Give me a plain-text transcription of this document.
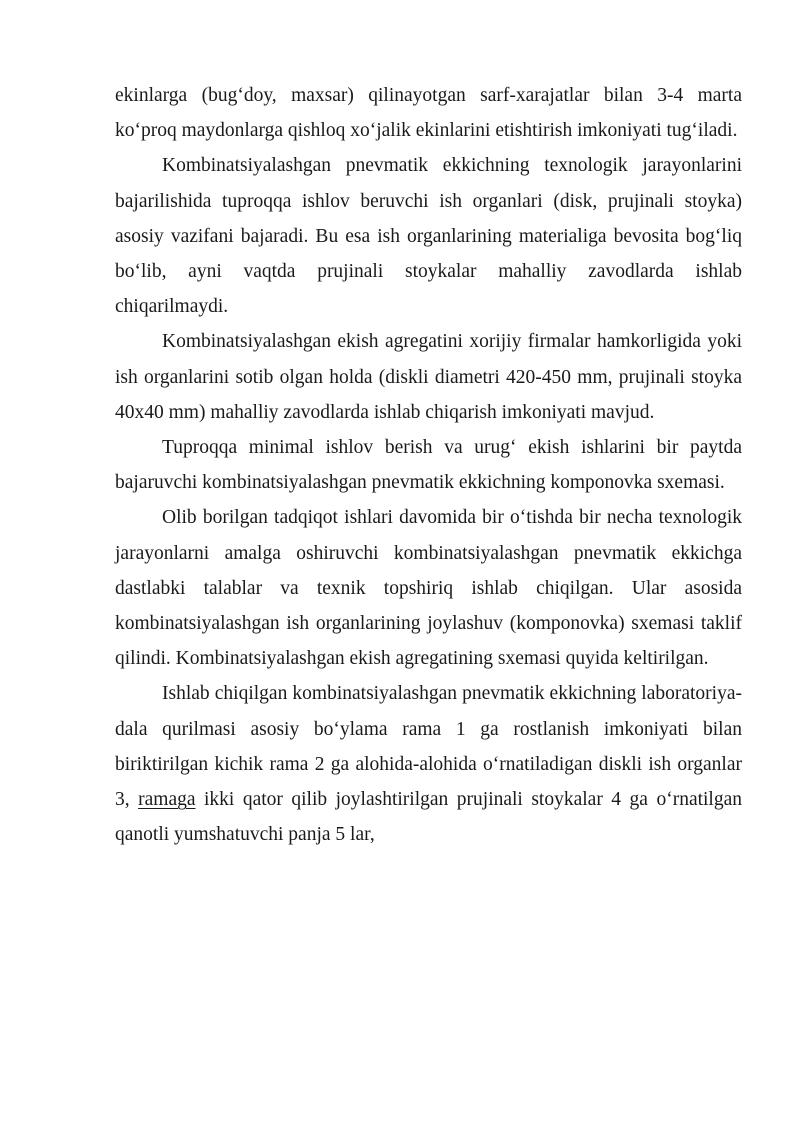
ekinlarga (bug‘doy, maxsar) qilinayotgan sarf-xarajatlar bilan 3-4 marta ko‘proq maydonlarga qishloq xo‘jalik ekinlarini etishtirish imkoniyati tug‘iladi.

Kombinatsiyalashgan pnevmatik ekkichning texnologik jarayonlarini bajarilishida tuproqqa ishlov beruvchi ish organlari (disk, prujinali stoyka) asosiy vazifani bajaradi. Bu esa ish organlarining materialiga bevosita bog‘liq bo‘lib, ayni vaqtda prujinali stoykalar mahalliy zavodlarda ishlab chiqarilmaydi.

Kombinatsiyalashgan ekish agregatini xorijiy firmalar hamkorligida yoki ish organlarini sotib olgan holda (diskli diametri 420-450 mm, prujinali stoyka 40x40 mm) mahalliy zavodlarda ishlab chiqarish imkoniyati mavjud.

Tuproqqa minimal ishlov berish va urug‘ ekish ishlarini bir paytda bajaruvchi kombinatsiyalashgan pnevmatik ekkichning komponovka sxemasi.

Olib borilgan tadqiqot ishlari davomida bir o‘tishda bir necha texnologik jarayonlarni amalga oshiruvchi kombinatsiyalashgan pnevmatik ekkichga dastlabki talablar va texnik topshiriq ishlab chiqilgan. Ular asosida kombinatsiyalashgan ish organlarining joylashuv (komponovka) sxemasi taklif qilindi. Kombinatsiyalashgan ekish agregatining sxemasi quyida keltirilgan.

Ishlab chiqilgan kombinatsiyalashgan pnevmatik ekkichning laboratoriya-dala qurilmasi asosiy bo‘ylama rama 1 ga rostlanish imkoniyati bilan biriktirilgan kichik rama 2 ga alohida-alohida o‘rnatiladigan diskli ish organlar 3, ramaga ikki qator qilib joylashtirilgan prujinali stoykalar 4 ga o‘rnatilgan qanotli yumshatuvchi panja 5 lar,
